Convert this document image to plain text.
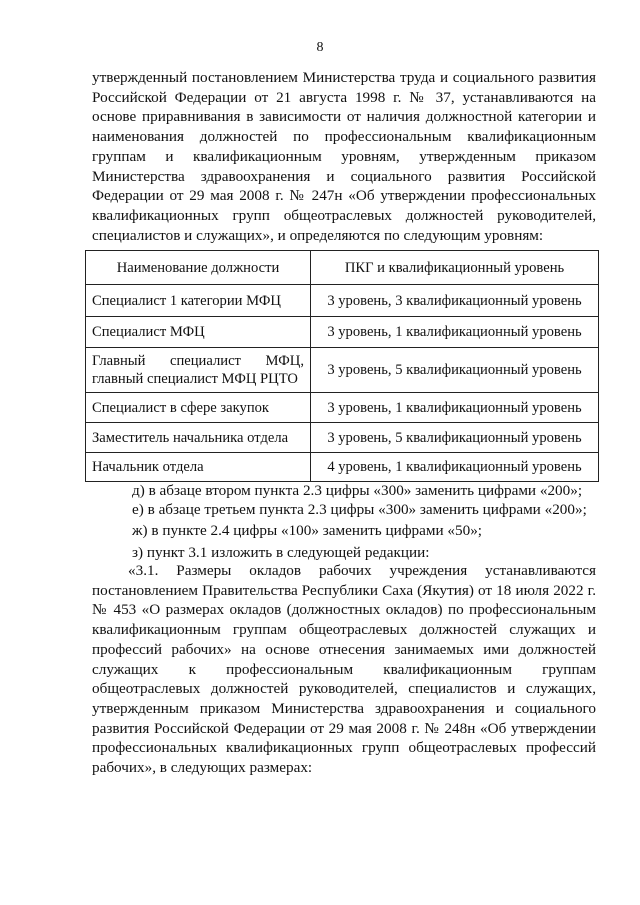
8
утвержденный постановлением Министерства труда и социального развития Российской Федерации от 21 августа 1998 г. № 37, устанавливаются на основе приравнивания в зависимости от наличия должностной категории и наименования должностей по профессиональным квалификационным группам и квалификационным уровням, утвержденным приказом Министерства здравоохранения и социального развития Российской Федерации от 29 мая 2008 г. № 247н «Об утверждении профессиональных квалификационных групп общеотраслевых должностей руководителей, специалистов и служащих», и определяются по следующим уровням:
Наименование должности	ПКГ и квалификационный уровень
Специалист 1 категории МФЦ	3 уровень, 3 квалификационный уровень
Специалист МФЦ	3 уровень, 1 квалификационный уровень
Главный специалист МФЦ, главный специалист МФЦ РЦТО	3 уровень, 5 квалификационный уровень
Специалист в сфере закупок	3 уровень, 1 квалификационный уровень
Заместитель начальника отдела	3 уровень, 5 квалификационный уровень
Начальник отдела	4 уровень, 1 квалификационный уровень
д) в абзаце втором пункта 2.3 цифры «300» заменить цифрами «200»;
е) в абзаце третьем пункта 2.3 цифры «300» заменить цифрами «200»;
ж) в пункте 2.4 цифры «100» заменить цифрами «50»;
з) пункт 3.1 изложить в следующей редакции:
«3.1. Размеры окладов рабочих учреждения устанавливаются постановлением Правительства Республики Саха (Якутия) от 18 июля 2022 г. № 453 «О размерах окладов (должностных окладов) по профессиональным квалификационным группам общеотраслевых должностей служащих и профессий рабочих» на основе отнесения занимаемых ими должностей служащих к профессиональным квалификационным группам общеотраслевых должностей руководителей, специалистов и служащих, утвержденным приказом Министерства здравоохранения и социального развития Российской Федерации от 29 мая 2008 г. № 248н «Об утверждении профессиональных квалификационных групп общеотраслевых профессий рабочих», в следующих размерах:
